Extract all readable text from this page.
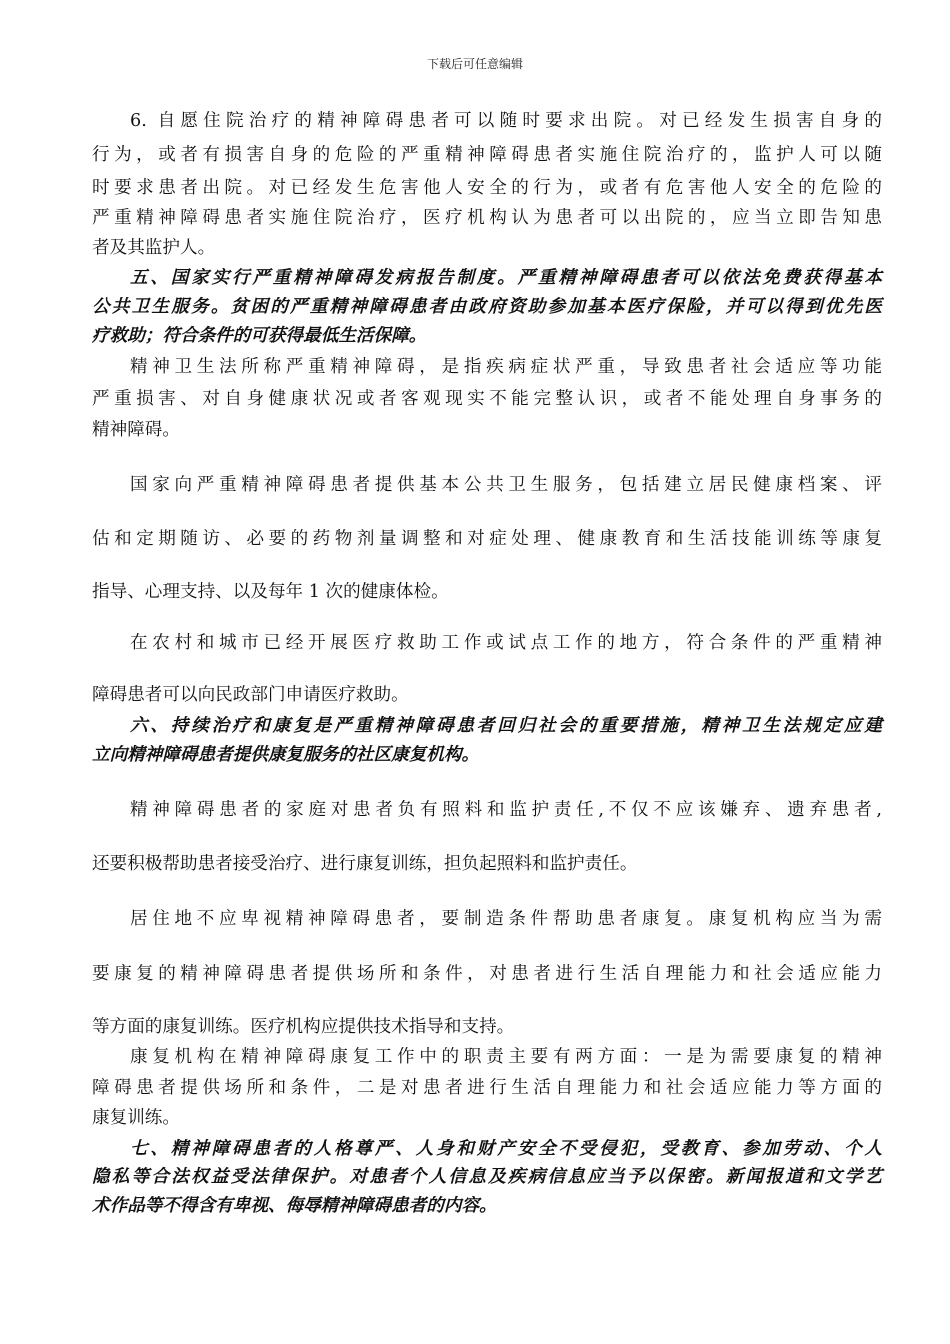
下载后可任意编辑
6. 自愿住院治疗的精神障碍患者可以随时要求出院。对已经发生损害自身的
行为，或者有损害自身的危险的严重精神障碍患者实施住院治疗的，监护人可以随
时要求患者出院。对已经发生危害他人安全的行为，或者有危害他人安全的危险的
严重精神障碍患者实施住院治疗，医疗机构认为患者可以出院的，应当立即告知患
者及其监护人。
五、国家实行严重精神障碍发病报告制度。严重精神障碍患者可以依法免费获得基本
公共卫生服务。贫困的严重精神障碍患者由政府资助参加基本医疗保险，并可以得到优先医
疗救助；符合条件的可获得最低生活保障。
精神卫生法所称严重精神障碍，是指疾病症状严重，导致患者社会适应等功能
严重损害、对自身健康状况或者客观现实不能完整认识，或者不能处理自身事务的
精神障碍。
国家向严重精神障碍患者提供基本公共卫生服务，包括建立居民健康档案、评
估和定期随访、必要的药物剂量调整和对症处理、健康教育和生活技能训练等康复
指导、心理支持、以及每年 1 次的健康体检。
在农村和城市已经开展医疗救助工作或试点工作的地方，符合条件的严重精神
障碍患者可以向民政部门申请医疗救助。
六、持续治疗和康复是严重精神障碍患者回归社会的重要措施，精神卫生法规定应建
立向精神障碍患者提供康复服务的社区康复机构。
精神障碍患者的家庭对患者负有照料和监护责任,不仅不应该嫌弃、遗弃患者,
还要积极帮助患者接受治疗、进行康复训练，担负起照料和监护责任。
居住地不应卑视精神障碍患者，要制造条件帮助患者康复。康复机构应当为需
要康复的精神障碍患者提供场所和条件，对患者进行生活自理能力和社会适应能力
等方面的康复训练。医疗机构应提供技术指导和支持。
康复机构在精神障碍康复工作中的职责主要有两方面：一是为需要康复的精神
障碍患者提供场所和条件，二是对患者进行生活自理能力和社会适应能力等方面的
康复训练。
七、精神障碍患者的人格尊严、人身和财产安全不受侵犯，受教育、参加劳动、个人
隐私等合法权益受法律保护。对患者个人信息及疾病信息应当予以保密。新闻报道和文学艺
术作品等不得含有卑视、侮辱精神障碍患者的内容。
